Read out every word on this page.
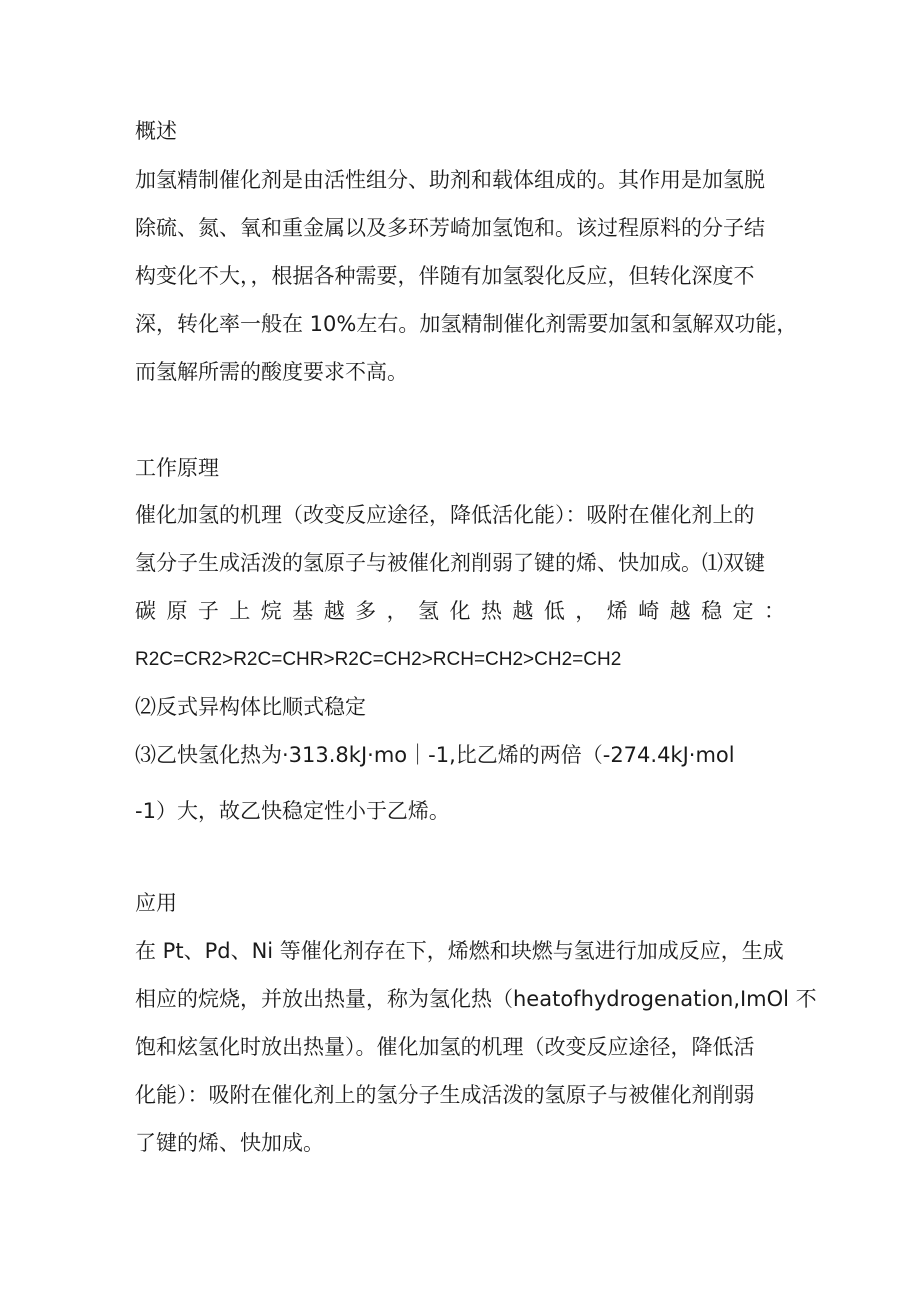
概述
加氢精制催化剂是由活性组分、助剂和载体组成的。其作用是加氢脱
除硫、氮、氧和重金属以及多环芳崎加氢饱和。该过程原料的分子结
构变化不大，，根据各种需要，伴随有加氢裂化反应，但转化深度不
深，转化率一般在 10%左右。加氢精制催化剂需要加氢和氢解双功能，
而氢解所需的酸度要求不高。
工作原理
催化加氢的机理（改变反应途径，降低活化能）：吸附在催化剂上的
氢分子生成活泼的氢原子与被催化剂削弱了键的烯、快加成。⑴双键
碳原子上烷基越多，氢化热越低，烯崎越稳定：
R2C=CR2>R2C=CHR>R2C=CH2>RCH=CH2>CH2=CH2
⑵反式异构体比顺式稳定
⑶乙快氢化热为·313.8kJ·mo｜-1,比乙烯的两倍（-274.4kJ·mol
-1）大，故乙快稳定性小于乙烯。
应用
在 Pt、Pd、Ni 等催化剂存在下，烯燃和块燃与氢进行加成反应，生成
相应的烷烧，并放出热量，称为氢化热（heatofhydrogenation,ImOl 不
饱和炫氢化时放出热量）。催化加氢的机理（改变反应途径，降低活
化能）：吸附在催化剂上的氢分子生成活泼的氢原子与被催化剂削弱
了键的烯、快加成。
